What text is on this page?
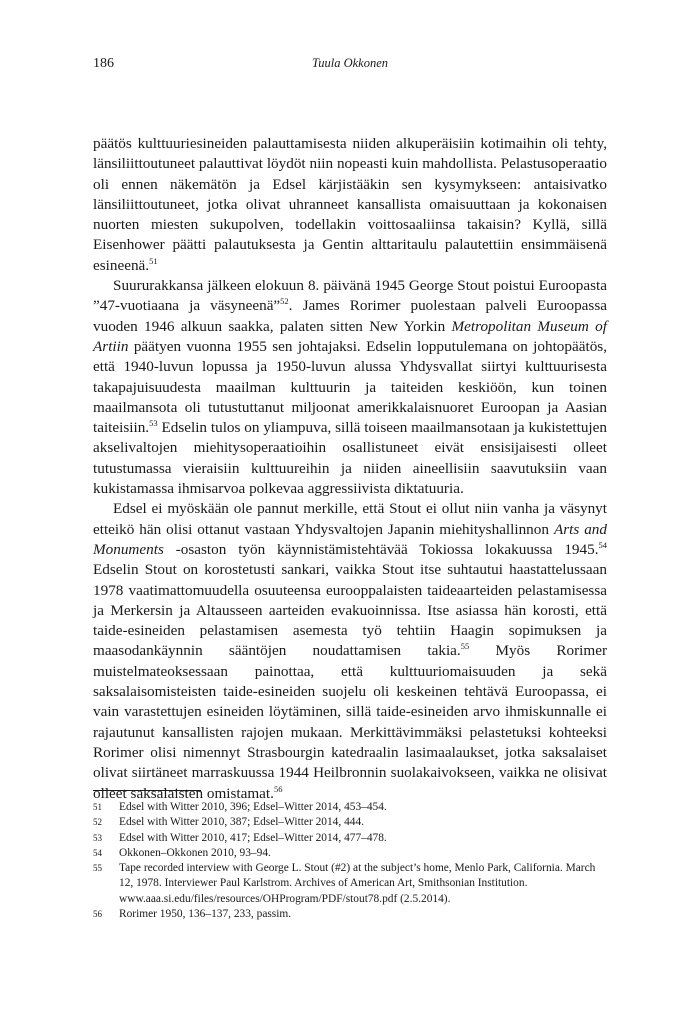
186	Tuula Okkonen

päätös kulttuuriesineiden palauttamisesta niiden alkuperäisiin kotimaihin oli tehty, länsiliittoutuneet palauttivat löydöt niin nopeasti kuin mahdollista. Pelastusoperaatio oli ennen näkemätön ja Edsel kärjistääkin sen kysymykseen: antaisivatko länsiliittoutuneet, jotka olivat uhranneet kansallista omaisuuttaan ja kokonaisen nuorten miesten sukupolven, todellakin voittosaaliinsa takaisin? Kyllä, sillä Eisenhower päätti palautuksesta ja Gentin alttaritaulu palautettiin ensimmäisenä esineenä.$^{51}$

Suururakkansa jälkeen elokuun 8. päivänä 1945 George Stout poistui Euroopasta ”47-vuotiaana ja väsyneenä”$^{52}$. James Rorimer puolestaan palveli Euroopassa vuoden 1946 alkuun saakka, palaten sitten New Yorkin Metropolitan Museum of Artiin päätyen vuonna 1955 sen johtajaksi. Edselin lopputulemana on johtopäätös, että 1940-luvun lopussa ja 1950-luvun alussa Yhdysvallat siirtyi kulttuurisesta takapajuisuudesta maailman kulttuurin ja taiteiden keskiöön, kun toinen maailmansota oli tutustuttanut miljoonat amerikkalaisnuoret Euroopan ja Aasian taiteisiin.$^{53}$ Edselin tulos on yliampuva, sillä toiseen maailmansotaan ja kukistettujen akselivaltojen miehitysoperaatioihin osallistuneet eivät ensisijaisesti olleet tutustumassa vieraisiin kulttuureihin ja niiden aineellisiin saavutuksiin vaan kukistamassa ihmisarvoa polkevaa aggressiivista diktatuuria.

Edsel ei myöskään ole pannut merkille, että Stout ei ollut niin vanha ja väsynyt etteikö hän olisi ottanut vastaan Yhdysvaltojen Japanin miehityshallinnon Arts and Monuments -osaston työn käynnistämistehtävää Tokiossa lokakuussa 1945.54 Edselin Stout on korostetusti sankari, vaikka Stout itse suhtautui haastattelussaan 1978 vaatimattomuudella osuuteensa eurooppalaisten taideaarteiden pelastamisessa ja Merkersin ja Altausseen aarteiden evakuoinnissa. Itse asiassa hän korosti, että taide-esineiden pelastamisen asemesta työ tehtiin Haagin sopimuksen ja maasodankäynnin sääntöjen noudattamisen takia.$^{55}$ Myös Rorimer muistelmateoksessaan painottaa, että kulttuuriomaisuuden ja sekä saksalaisomisteisten taide-esineiden suojelu oli keskeinen tehtävä Euroopassa, ei vain varastettujen esineiden löytäminen, sillä taide-esineiden arvo ihmiskunnalle ei rajautunut kansallisten rajojen mukaan. Merkittävimmäksi pelastetuksi kohteeksi Rorimer olisi nimennyt Strasbourgin katedraalin lasimaalaukset, jotka saksalaiset olivat siirtäneet marraskuussa 1944 Heilbronnin suolakaivokseen, vaikka ne olisivat olleet saksalaisten omistamat.$^{56}$

51	Edsel with Witter 2010, 396; Edsel–Witter 2014, 453–454.
52	Edsel with Witter 2010, 387; Edsel–Witter 2014, 444.
53	Edsel with Witter 2010, 417; Edsel–Witter 2014, 477–478.
54	Okkonen–Okkonen 2010, 93–94.
55	Tape recorded interview with George L. Stout (#2) at the subject’s home, Menlo Park, California. March 12, 1978. Interviewer Paul Karlstrom. Archives of American Art, Smithsonian Institution. www.aaa.si.edu/files/resources/OHProgram/PDF/stout78.pdf (2.5.2014).
56	Rorimer 1950, 136–137, 233, passim.
